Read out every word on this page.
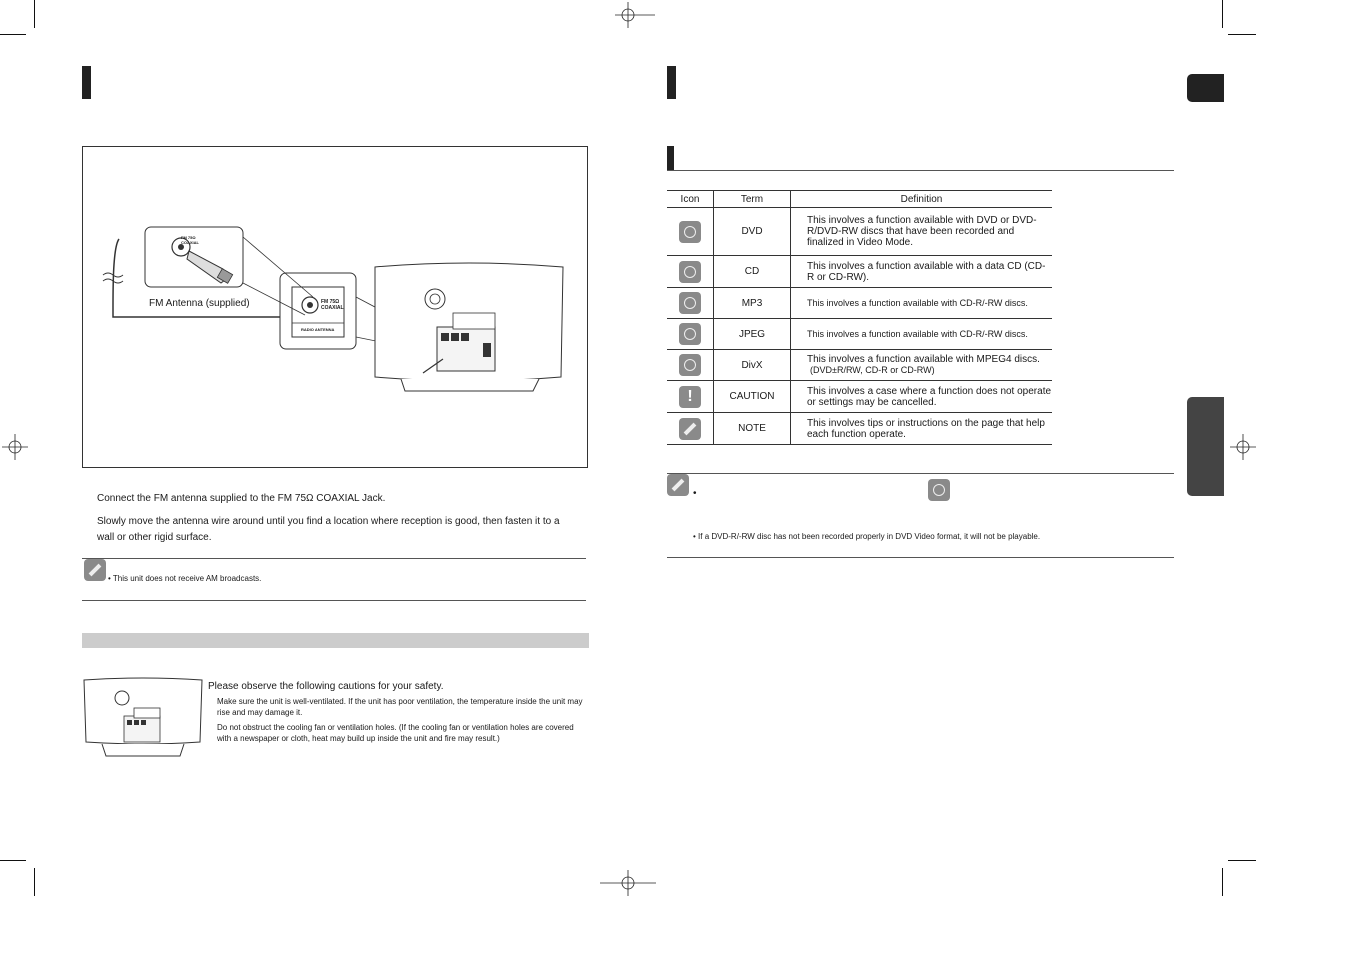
FM Antenna (supplied)
FM 75Ω
COAXIAL
FM 75Ω
COAXIAL
RADIO ANTENNA
Connect the FM antenna supplied to the FM 75Ω COAXIAL Jack.
Slowly move the antenna wire around until you find a location where reception is good, then fasten it to a wall or other rigid surface.
• This unit does not receive AM broadcasts.
Please observe the following cautions for your safety.
Make sure the unit is well-ventilated. If the unit has poor ventilation, the temperature inside the unit may rise and may damage it.
Do not obstruct the cooling fan or ventilation holes. (If the cooling fan or ventilation holes are covered with a newspaper or cloth, heat may build up inside the unit and fire may result.)
Icon	Term	Definition

	DVD	This involves a function available with DVD or DVD-R/DVD-RW discs that have been recorded and finalized in Video Mode.

	CD	This involves a function available with a data CD (CD-R or CD-RW).

	MP3	This involves a function available with CD-R/-RW discs.

	JPEG	This involves a function available with CD-R/-RW discs.

	DivX	This involves a function available with MPEG4 discs.
(DVD±R/RW, CD-R or CD-RW)

!	CAUTION	This involves a case where a function does not operate or settings may be cancelled.

	NOTE	This involves tips or instructions on the page that help each function operate.
•
• If a DVD-R/-RW disc has not been recorded properly in DVD Video format, it will not be playable.
